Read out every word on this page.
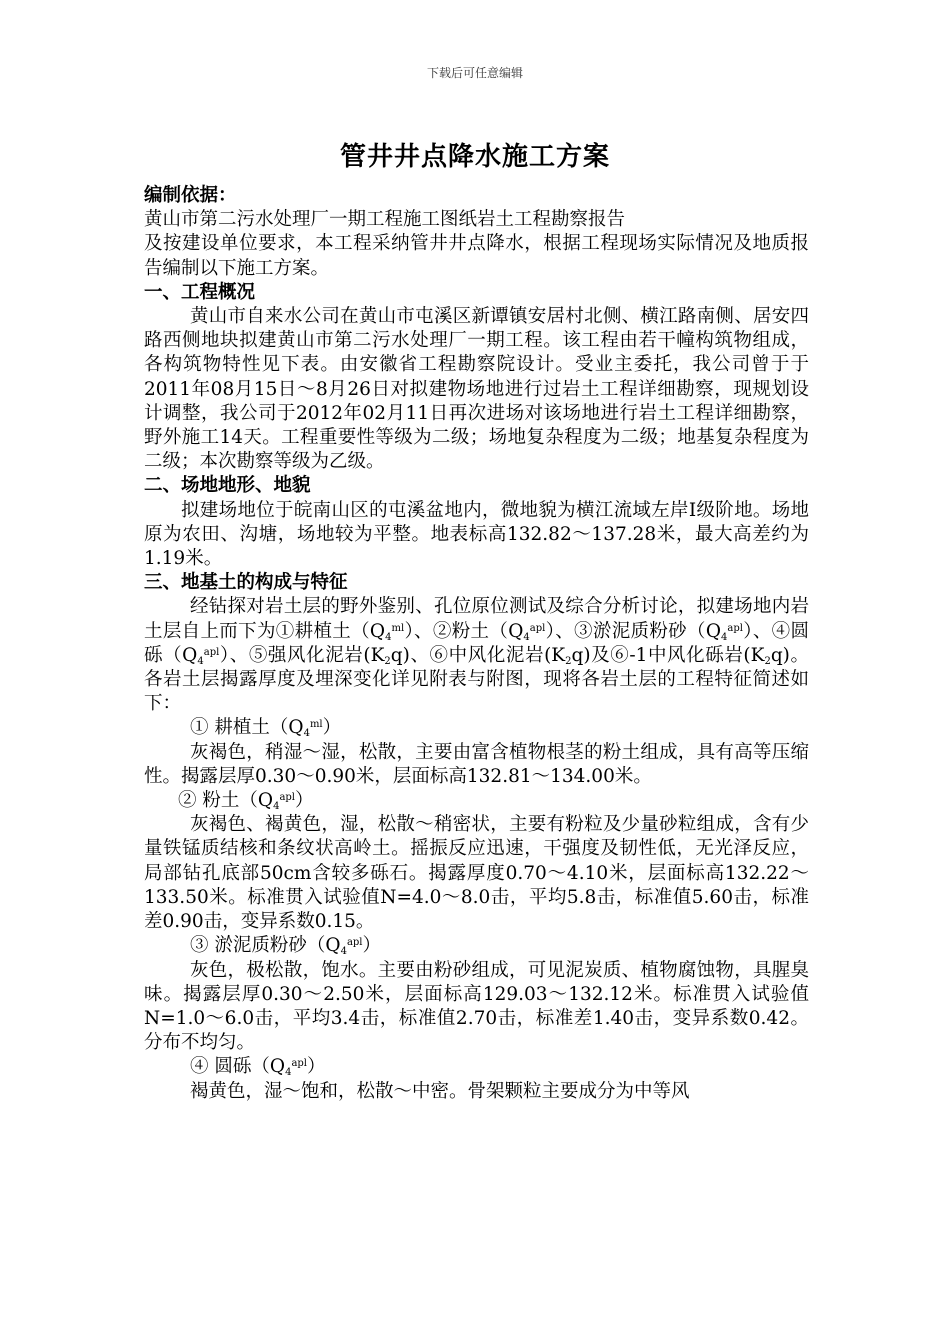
下载后可任意编辑
管井井点降水施工方案

编制依据：

黄山市第二污水处理厂一期工程施工图纸岩土工程勘察报告

及按建设单位要求，本工程采纳管井井点降水，根据工程现场实际情况及地质报告编制以下施工方案。

一、工程概况

黄山市自来水公司在黄山市屯溪区新谭镇安居村北侧、横江路南侧、居安四路西侧地块拟建黄山市第二污水处理厂一期工程。该工程由若干幢构筑物组成，各构筑物特性见下表。由安徽省工程勘察院设计。受业主委托，我公司曾于于2011年08月15日～8月26日对拟建物场地进行过岩土工程详细勘察，现规划设计调整，我公司于2012年02月11日再次进场对该场地进行岩土工程详细勘察，野外施工14天。工程重要性等级为二级；场地复杂程度为二级；地基复杂程度为二级；本次勘察等级为乙级。

二、场地地形、地貌

拟建场地位于皖南山区的屯溪盆地内，微地貌为横江流域左岸Ⅰ级阶地。场地原为农田、沟塘，场地较为平整。地表标高132.82～137.28米，最大高差约为1.19米。

三、地基土的构成与特征

经钻探对岩土层的野外鉴别、孔位原位测试及综合分析讨论，拟建场地内岩土层自上而下为①耕植土$(Q4^{ml})$、②粉土$(Q4^{apl})$、③淤泥质粉砂$(Q4^{apl})$、④圆砾$(Q4^{apl})$、⑤强风化泥岩(K2q)、⑥中风化泥岩(K2q)及⑥-1中风化砾岩(K2q)。各岩土层揭露厚度及埋深变化详见附表与附图，现将各岩土层的工程特征简述如下：

① 耕植土$(Q4^{ml})$

灰褐色，稍湿～湿，松散，主要由富含植物根茎的粉土组成，具有高等压缩性。揭露层厚0.30～0.90米，层面标高132.81～134.00米。

② 粉土$(Q4^{apl})$

灰褐色、褐黄色，湿，松散～稍密状，主要有粉粒及少量砂粒组成，含有少量铁锰质结核和条纹状高岭土。摇振反应迅速，干强度及韧性低，无光泽反应，局部钻孔底部50cm含较多砾石。揭露厚度0.70～4.10米，层面标高132.22～133.50米。标准贯入试验值N=4.0～8.0击，平均5.8击，标准值5.60击，标准差0.90击，变异系数0.15。

③ 淤泥质粉砂$(Q4^{apl})$

灰色，极松散，饱水。主要由粉砂组成，可见泥炭质、植物腐蚀物，具腥臭味。揭露层厚0.30～2.50米，层面标高129.03～132.12米。标准贯入试验值N=1.0～6.0击，平均3.4击，标准值2.70击，标准差1.40击，变异系数0.42。分布不均匀。

④ 圆砾$(Q4^{apl})$

褐黄色，湿～饱和，松散～中密。骨架颗粒主要成分为中等风
